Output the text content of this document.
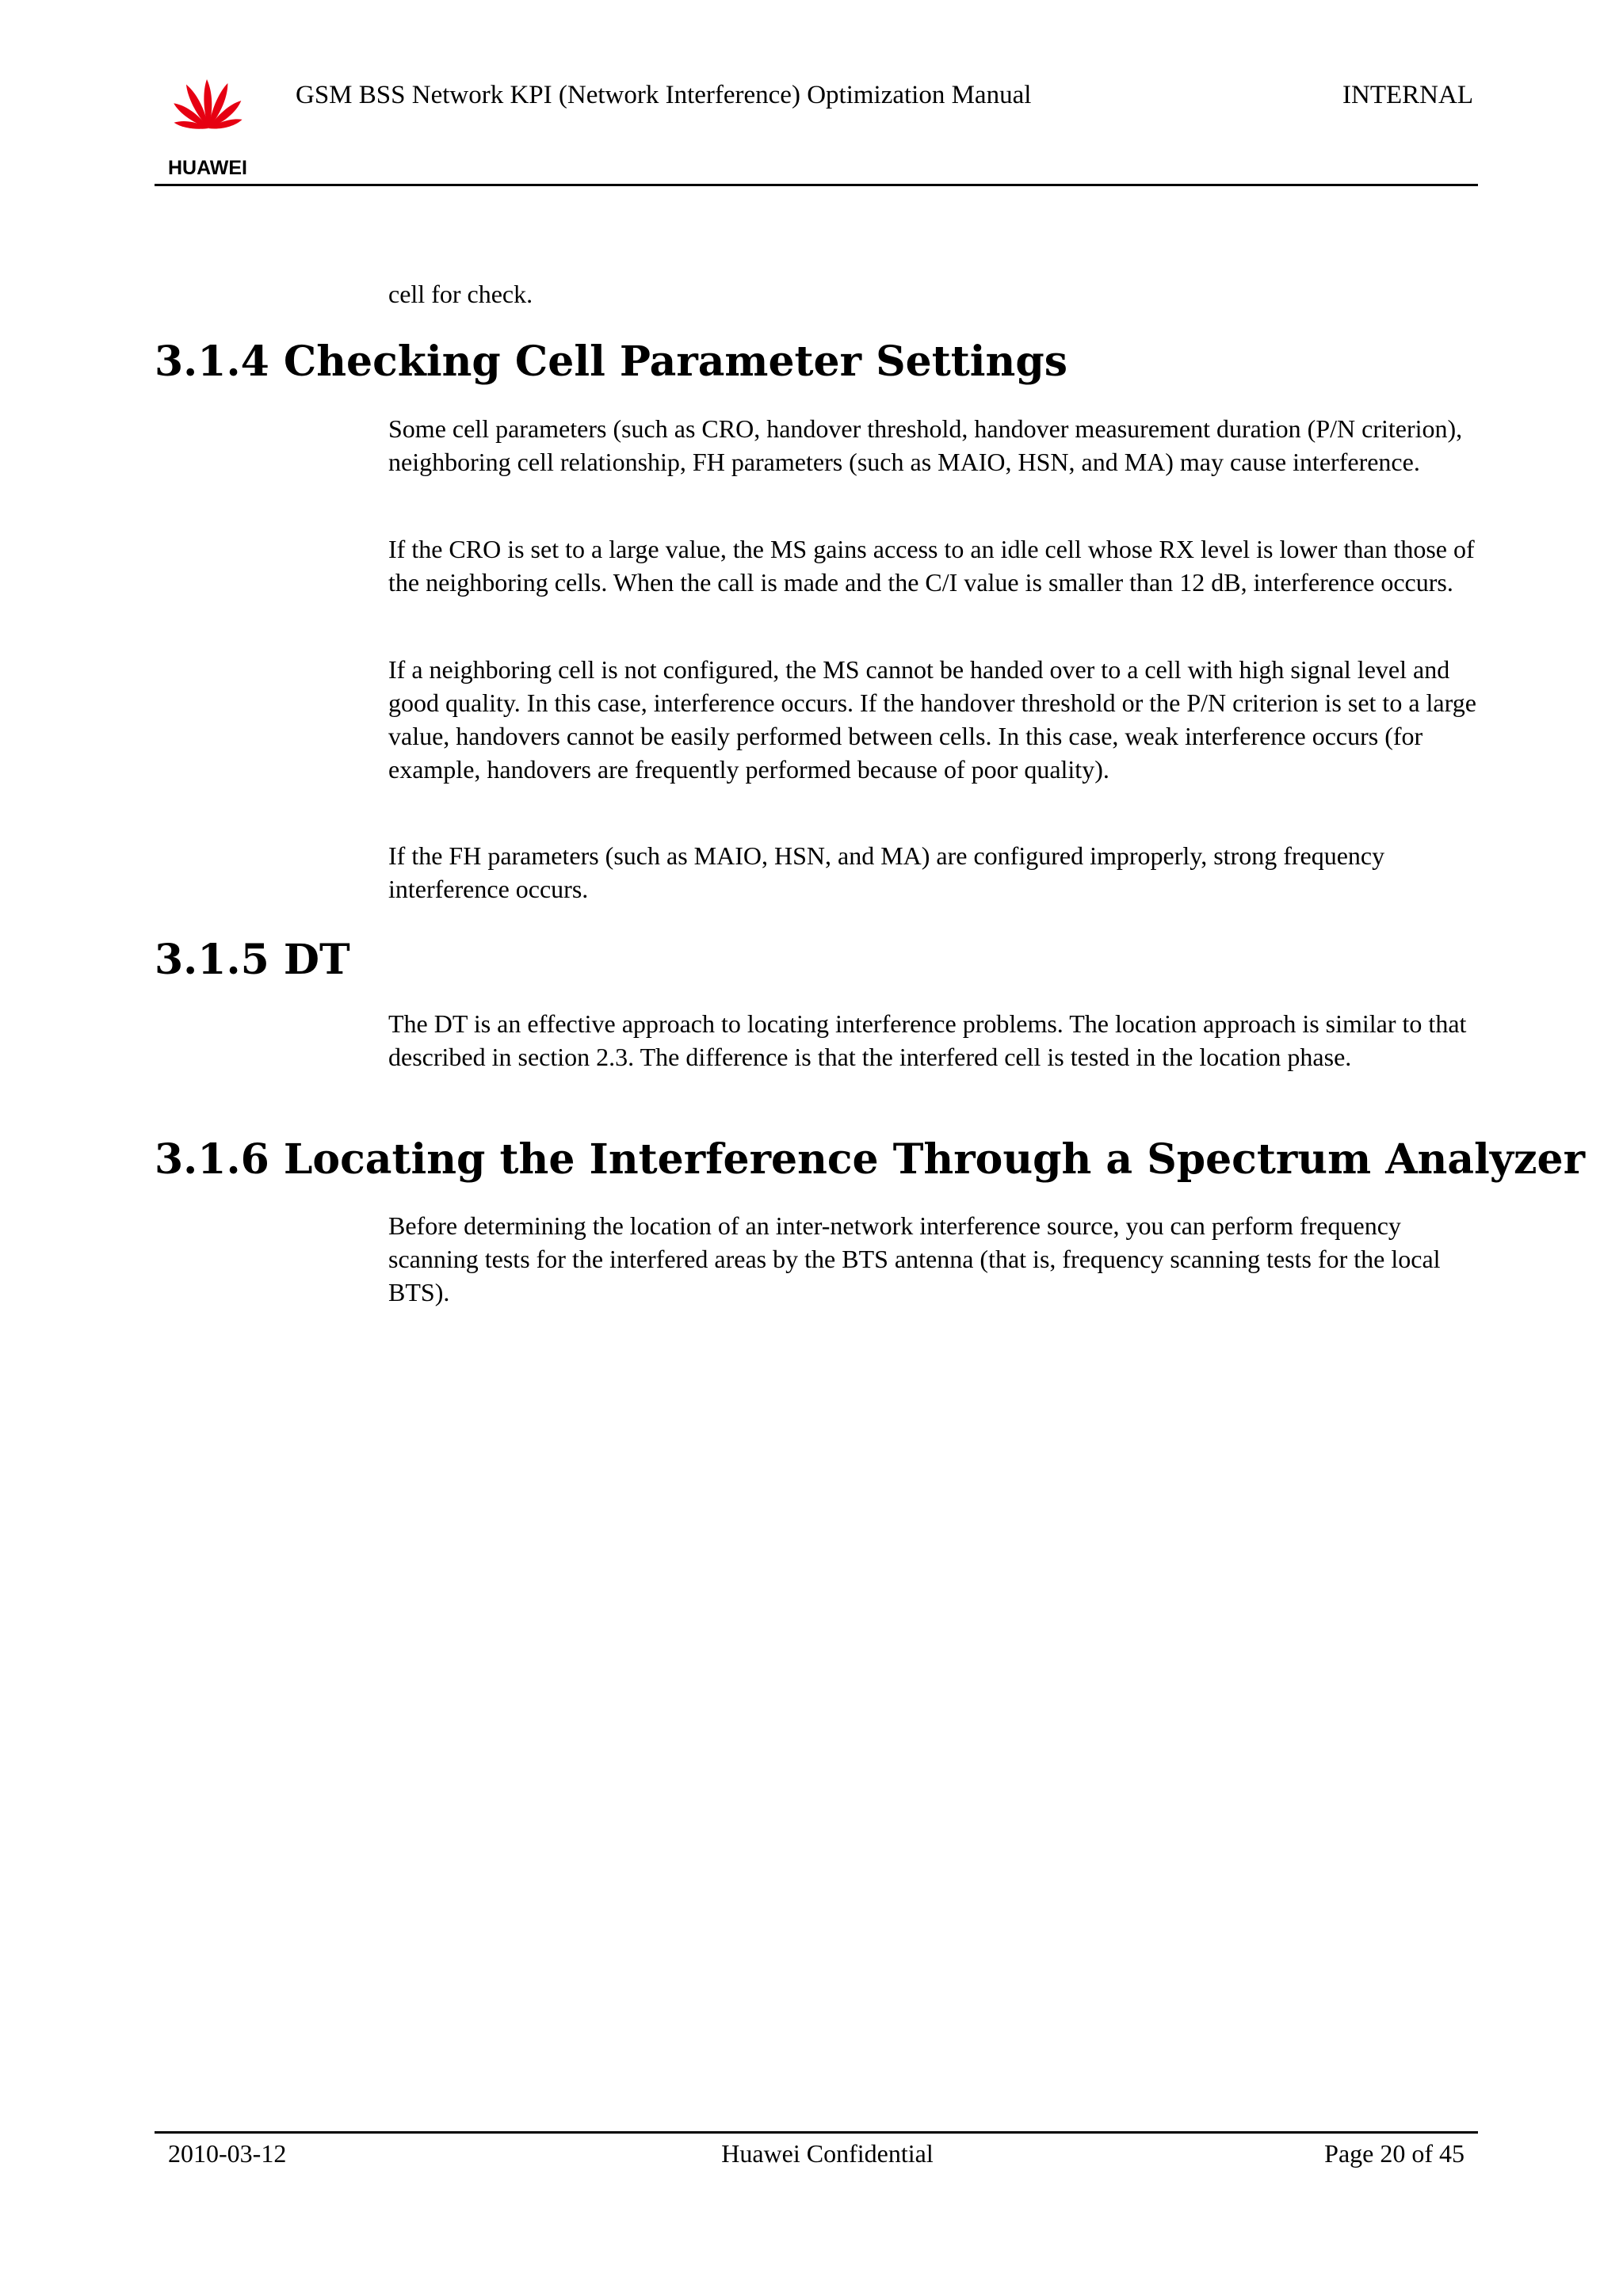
HUAWEI
GSM BSS Network KPI (Network Interference) Optimization Manual	INTERNAL

cell for check.

3.1.4 Checking Cell Parameter Settings

Some cell parameters (such as CRO, handover threshold, handover measurement duration (P/N criterion), neighboring cell relationship, FH parameters (such as MAIO, HSN, and MA) may cause interference.

If the CRO is set to a large value, the MS gains access to an idle cell whose RX level is lower than those of the neighboring cells. When the call is made and the C/I value is smaller than 12 dB, interference occurs.

If a neighboring cell is not configured, the MS cannot be handed over to a cell with high signal level and good quality. In this case, interference occurs. If the handover threshold or the P/N criterion is set to a large value, handovers cannot be easily performed between cells. In this case, weak interference occurs (for example, handovers are frequently performed because of poor quality).

If the FH parameters (such as MAIO, HSN, and MA) are configured improperly, strong frequency interference occurs.

3.1.5 DT

The DT is an effective approach to locating interference problems. The location approach is similar to that described in section 2.3. The difference is that the interfered cell is tested in the location phase.

3.1.6 Locating the Interference Through a Spectrum Analyzer

Before determining the location of an inter-network interference source, you can perform frequency scanning tests for the interfered areas by the BTS antenna (that is, frequency scanning tests for the local BTS).

2010-03-12	Huawei Confidential	Page 20 of 45
